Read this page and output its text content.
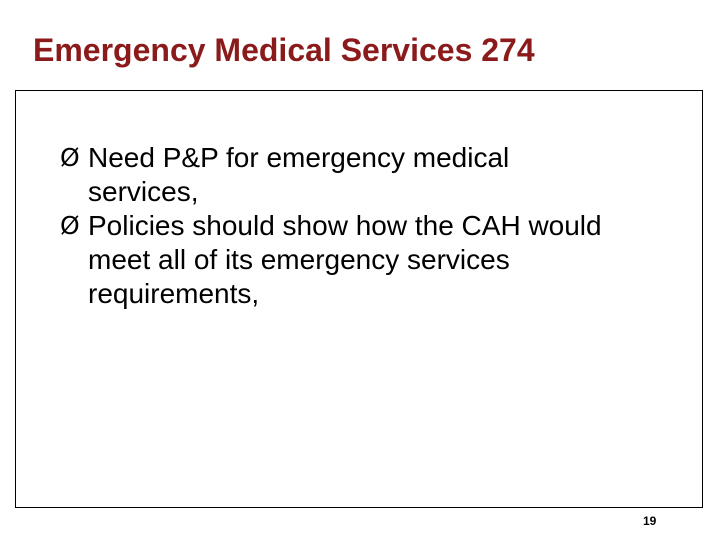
Emergency Medical Services 274
Ø Need P&P for emergency medical services,
Ø Policies should show how the CAH would meet all of its emergency services requirements,
19
